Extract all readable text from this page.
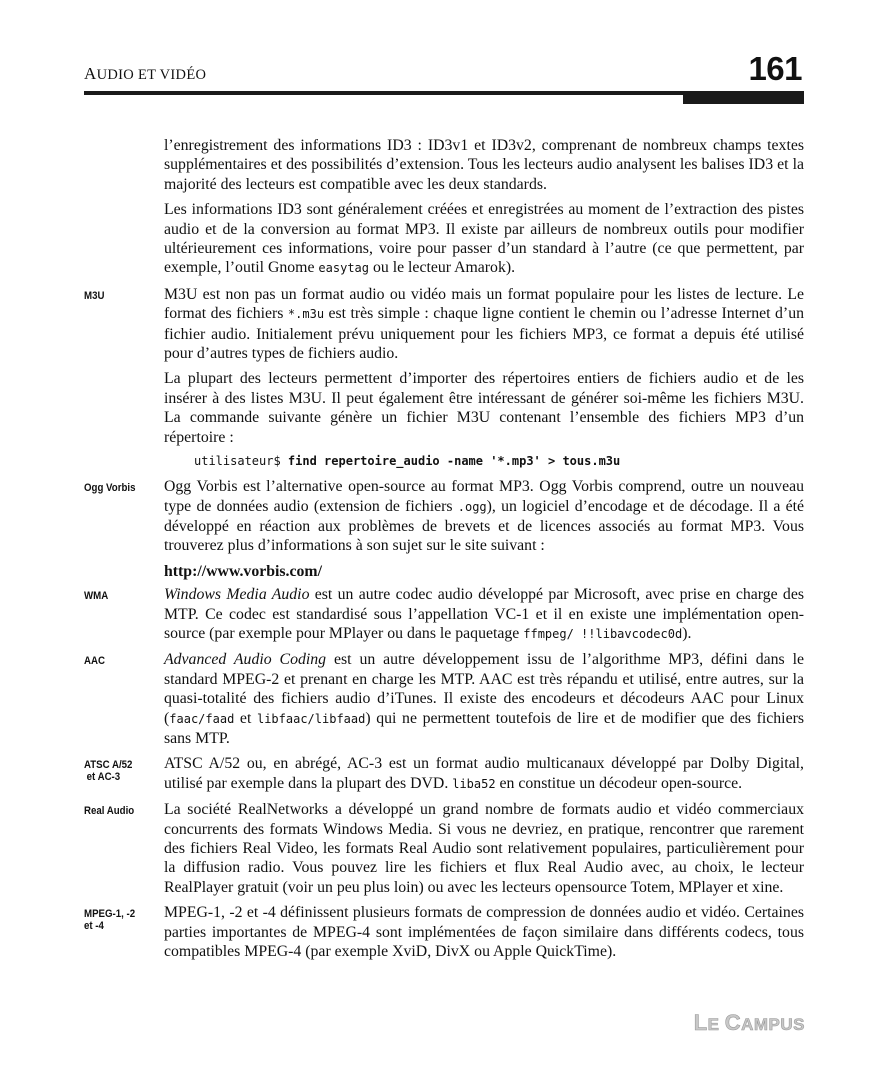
AUDIO ET VIDÉO	161

l’enregistrement des informations ID3 : ID3v1 et ID3v2, comprenant de nombreux champs textes supplémentaires et des possibilités d’extension. Tous les lecteurs audio analysent les balises ID3 et la majorité des lecteurs est compatible avec les deux standards.

Les informations ID3 sont généralement créées et enregistrées au moment de l’extraction des pistes audio et de la conversion au format MP3. Il existe par ailleurs de nombreux outils pour modifier ultérieurement ces informations, voire pour passer d’un standard à l’autre (ce que permettent, par exemple, l’outil Gnome easytag ou le lecteur Amarok).

M3U	M3U est non pas un format audio ou vidéo mais un format populaire pour les listes de lecture. Le format des fichiers *.m3u est très simple : chaque ligne contient le chemin ou l’adresse Internet d’un fichier audio. Initialement prévu uniquement pour les fichiers MP3, ce format a depuis été utilisé pour d’autres types de fichiers audio.

La plupart des lecteurs permettent d’importer des répertoires entiers de fichiers audio et de les insérer à des listes M3U. Il peut également être intéressant de générer soi-même les fichiers M3U. La commande suivante génère un fichier M3U contenant l’ensemble des fichiers MP3 d’un répertoire :

utilisateur$ find repertoire_audio -name '*.mp3' > tous.m3u
Ogg Vorbis	Ogg Vorbis est l’alternative open-source au format MP3. Ogg Vorbis comprend, outre un nouveau type de données audio (extension de fichiers .ogg), un logiciel d’encodage et de décodage. Il a été développé en réaction aux problèmes de brevets et de licences associés au format MP3. Vous trouverez plus d’informations à son sujet sur le site suivant :

http://www.vorbis.com/
WMA	Windows Media Audio est un autre codec audio développé par Microsoft, avec prise en charge des MTP. Ce codec est standardisé sous l’appellation VC-1 et il en existe une implémentation open-source (par exemple pour MPlayer ou dans le paquetage ffmpeg/ !!libavcodec0d).

AAC	Advanced Audio Coding est un autre développement issu de l’algorithme MP3, défini dans le standard MPEG-2 et prenant en charge les MTP. AAC est très répandu et utilisé, entre autres, sur la quasi-totalité des fichiers audio d’iTunes. Il existe des encodeurs et décodeurs AAC pour Linux (faac/faad et libfaac/libfaad) qui ne permettent toutefois de lire et de modifier que des fichiers sans MTP.

ATSC A/52
et AC-3

ATSC A/52 ou, en abrégé, AC-3 est un format audio multicanaux développé par Dolby Digital, utilisé par exemple dans la plupart des DVD. liba52 en constitue un décodeur open-source.

Real Audio	La société RealNetworks a développé un grand nombre de formats audio et vidéo commerciaux concurrents des formats Windows Media. Si vous ne devriez, en pratique, rencontrer que rarement des fichiers Real Video, les formats Real Audio sont relativement populaires, particulièrement pour la diffusion radio. Vous pouvez lire les fichiers et flux Real Audio avec, au choix, le lecteur RealPlayer gratuit (voir un peu plus loin) ou avec les lecteurs opensource Totem, MPlayer et xine.

MPEG-1, -2
et -4

MPEG-1, -2 et -4 définissent plusieurs formats de compression de données audio et vidéo. Certaines parties importantes de MPEG-4 sont implémentées de façon similaire dans différents codecs, tous compatibles MPEG-4 (par exemple XviD, DivX ou Apple QuickTime).

LE CAMPUS
